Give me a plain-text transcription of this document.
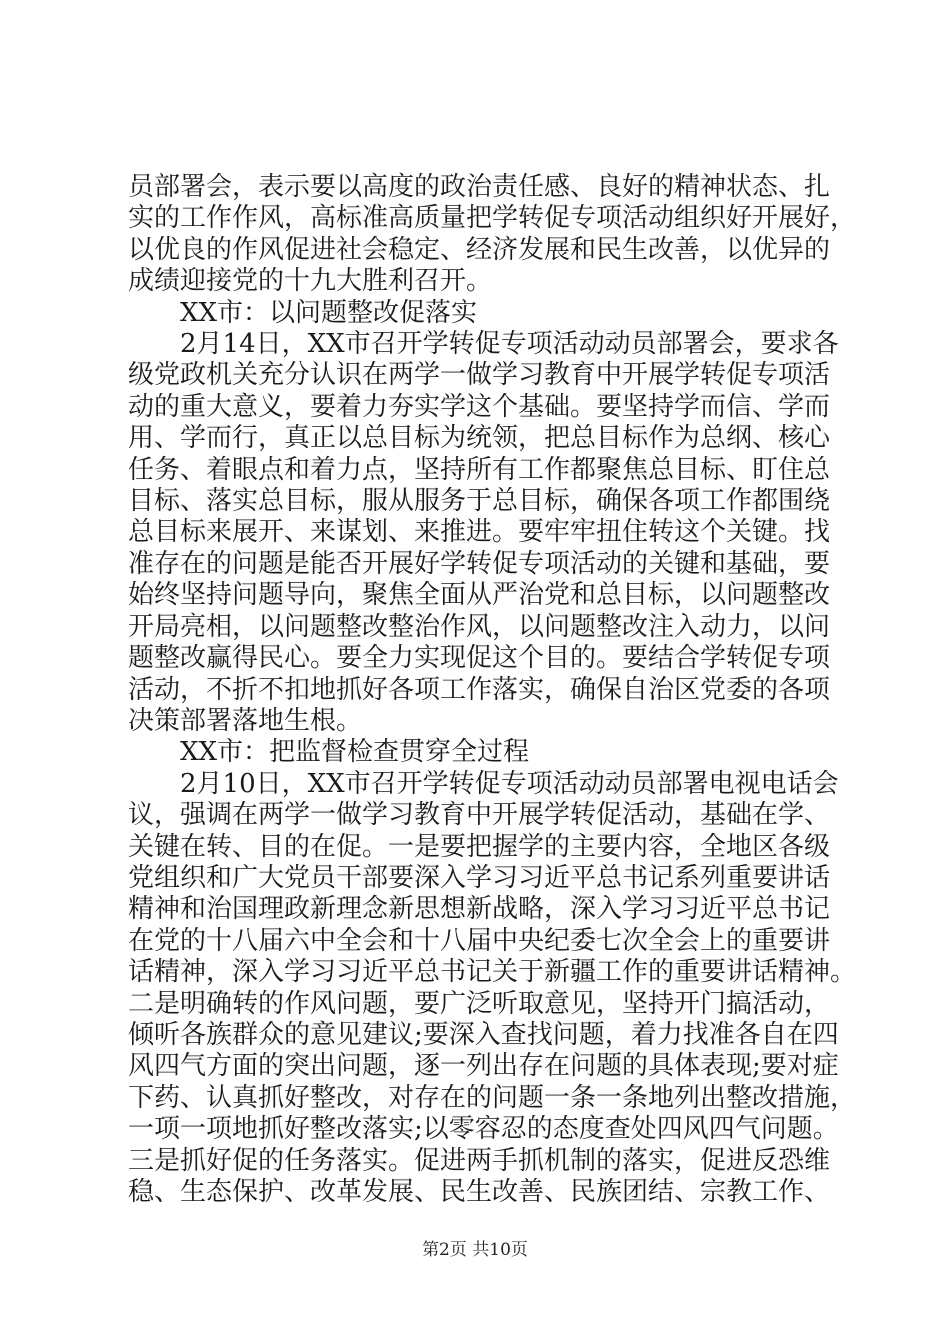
员部署会，表示要以高度的政治责任感、良好的精神状态、扎
实的工作作风，高标准高质量把学转促专项活动组织好开展好，
以优良的作风促进社会稳定、经济发展和民生改善，以优异的
成绩迎接党的十九大胜利召开。
XX市：以问题整改促落实
2月14日，XX市召开学转促专项活动动员部署会，要求各
级党政机关充分认识在两学一做学习教育中开展学转促专项活
动的重大意义，要着力夯实学这个基础。要坚持学而信、学而
用、学而行，真正以总目标为统领，把总目标作为总纲、核心
任务、着眼点和着力点，坚持所有工作都聚焦总目标、盯住总
目标、落实总目标，服从服务于总目标，确保各项工作都围绕
总目标来展开、来谋划、来推进。要牢牢扭住转这个关键。找
准存在的问题是能否开展好学转促专项活动的关键和基础，要
始终坚持问题导向，聚焦全面从严治党和总目标，以问题整改
开局亮相，以问题整改整治作风，以问题整改注入动力，以问
题整改赢得民心。要全力实现促这个目的。要结合学转促专项
活动，不折不扣地抓好各项工作落实，确保自治区党委的各项
决策部署落地生根。
XX市：把监督检查贯穿全过程
2月10日，XX市召开学转促专项活动动员部署电视电话会
议，强调在两学一做学习教育中开展学转促活动，基础在学、
关键在转、目的在促。一是要把握学的主要内容，全地区各级
党组织和广大党员干部要深入学习习近平总书记系列重要讲话
精神和治国理政新理念新思想新战略，深入学习习近平总书记
在党的十八届六中全会和十八届中央纪委七次全会上的重要讲
话精神，深入学习习近平总书记关于新疆工作的重要讲话精神。
二是明确转的作风问题，要广泛听取意见，坚持开门搞活动，
倾听各族群众的意见建议;要深入查找问题，着力找准各自在四
风四气方面的突出问题，逐一列出存在问题的具体表现;要对症
下药、认真抓好整改，对存在的问题一条一条地列出整改措施，
一项一项地抓好整改落实;以零容忍的态度查处四风四气问题。
三是抓好促的任务落实。促进两手抓机制的落实，促进反恐维
稳、生态保护、改革发展、民生改善、民族团结、宗教工作、
第2页 共10页
